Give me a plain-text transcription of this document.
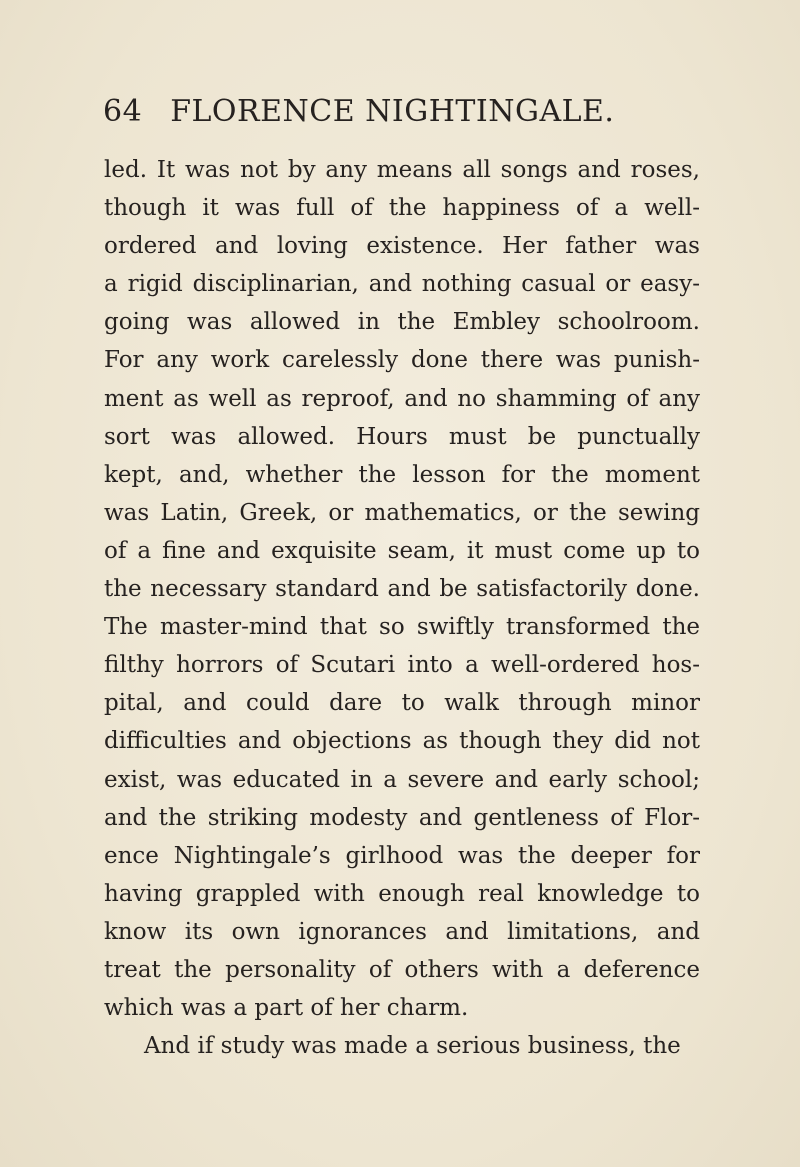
64 FLORENCE NIGHTINGALE.
led. It was not by any means all songs and roses,
though it was full of the happiness of a well-
ordered and loving existence. Her father was
a rigid disciplinarian, and nothing casual or easy-
going was allowed in the Embley schoolroom.
For any work carelessly done there was punish-
ment as well as reproof, and no shamming of any
sort was allowed. Hours must be punctually
kept, and, whether the lesson for the moment
was Latin, Greek, or mathematics, or the sewing
of a fine and exquisite seam, it must come up to
the necessary standard and be satisfactorily done.
The master-mind that so swiftly transformed the
filthy horrors of Scutari into a well-ordered hos-
pital, and could dare to walk through minor
difficulties and objections as though they did not
exist, was educated in a severe and early school;
and the striking modesty and gentleness of Flor-
ence Nightingale’s girlhood was the deeper for
having grappled with enough real knowledge to
know its own ignorances and limitations, and
treat the personality of others with a deference
which was a part of her charm.
And if study was made a serious business, the
